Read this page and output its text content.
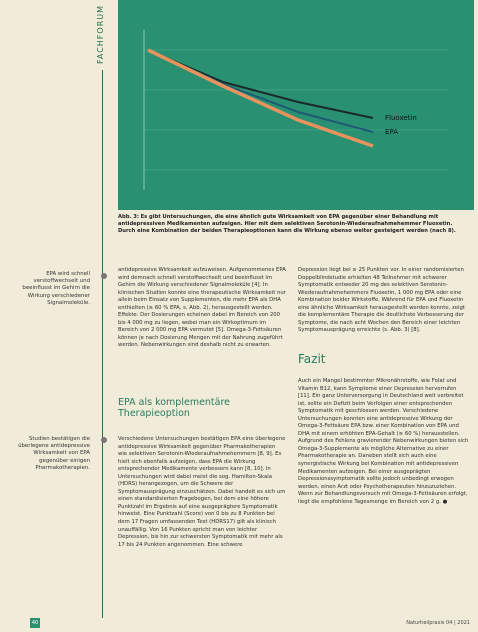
FACHFORUM
Fluoxetin
EPA
Abb. 3: Es gibt Untersuchungen, die eine ähnlich gute Wirksamkeit von EPA gegenüber einer Behandlung mit antidepressiven Medikamenten aufzeigen. Hier mit dem selektiven Serotonin-Wiederaufnahmehemmer Fluoxetin. Durch eine Kombination der beiden Therapieoptionen kann die Wirkung ebenso weiter gesteigert werden (nach 8).
EPA wird schnell verstoffwechselt und beeinflusst im Gehirn die Wirkung verschiedener Signalmoleküle.
Studien bestätigen die überlegene antidepressive Wirksamkeit von EPA gegenüber einigen Pharmakotherapien.
antidepressive Wirksamkeit aufzuweisen. Aufgenommenes EPA wird demnach schnell verstoffwechselt und beeinflusst im Gehirn die Wirkung verschiedener Signalmoleküle [4]. In klinischen Studien konnte eine therapeutische Wirksamkeit nur allein beim Einsatz von Supplementen, die mehr EPA als DHA enthielten (≥ 60 % EPA, s. Abb. 2), herausgestellt werden. Effekte: Der Dosierungen scheinen dabei im Bereich von 200 bis 4 000 mg zu liegen, wobei man ein Wirkoptimum im Bereich von 2 000 mg EPA vermutet [5]. Omega-3-Fettsäuren können je nach Dosierung Mengen mit der Nahrung zugeführt werden. Nebenwirkungen sind deshalb nicht zu erwarten.
EPA als komplementäre Therapieoption
Verschiedene Untersuchungen bestätigen EPA eine überlegene antidepressive Wirksamkeit gegenüber Pharmakotherapien wie selektiven Serotonin-Wiederaufnahmehemmern [8, 9]. Es hielt sich ebenfalls aufzeigen, dass EPA die Wirkung entsprechender Medikamente verbessern kann [8, 10]. In Untersuchungen wird dabei meist die sog. Hamilton-Skala (HDRS) herangezogen, um die Schwere der Symptomausprägung einzuschätzen. Dabei handelt es sich um einen standardisierten Fragebogen, bei dem eine höhere Punktzahl im Ergebnis auf eine ausgeprägtere Symptomatik hinweist. Eine Punktzahl (Score) von 0 bis zu 8 Punkten bei dem 17 Fragen umfassenden Test (HDRS17) gilt als klinisch unauffällig. Von 16 Punkten spricht man von leichter Depression, bis hin zur schwersten Symptomatik mit mehr als 17 bis 24 Punkten angenommen. Eine schwere
Depression liegt bei ≥ 25 Punkten vor. In einer randomisierten Doppelblindstudie erhielten 48 Teilnehmer mit schwerer Symptomatik entweder 20 mg des selektiven Serotonin-Wiederaufnahmehemmers Fluoxetin, 1 000 mg EPA oder eine Kombination beider Wirkstoffe. Während für EPA und Fluoxetin eine ähnliche Wirksamkeit herausgestellt werden konnte, zeigt die komplementäre Therapie die deutlichste Verbesserung der Symptome, die nach acht Wochen den Bereich einer leichten Symptomausprägung erreichte (s. Abb. 3) [8].
Fazit
Auch ein Mangel bestimmter Mikronährstoffe, wie Folat und Vitamin B12, kann Symptome einer Depression hervorrufen [11]. Ein ganz Unterversorgung in Deutschland weit verbreitet ist, sollte ein Defizit beim Verfolgen einer entsprechenden Symptomatik mit geschlossen werden. Verschiedene Untersuchungen konnten eine antidepressive Wirkung der Omega-3-Fettsäure EPA bzw. einer Kombination von EPA und DHA mit einem erhöhten EPA-Gehalt (≥ 60 %) herausstellen. Aufgrund des Fehlens gravierender Nebenwirkungen bieten sich Omega-3-Supplemente als mögliche Alternative zu einer Pharmakotherapie an. Daneben stellt sich auch eine synergistische Wirkung bei Kombination mit antidepressiven Medikamenten aufzeigen. Bei einer ausgeprägten Depressionssymptomatik sollte jedoch unbedingt erwogen werden, einen Arzt oder Psychotherapeuten hinzuzuziehen. Wenn zur Behandlungsversuch mit Omega-3-Fettsäuren erfolgt, liegt die empfohlene Tagesmenge im Bereich von 2 g. ●
40	Naturheilpraxis 04 | 2021
